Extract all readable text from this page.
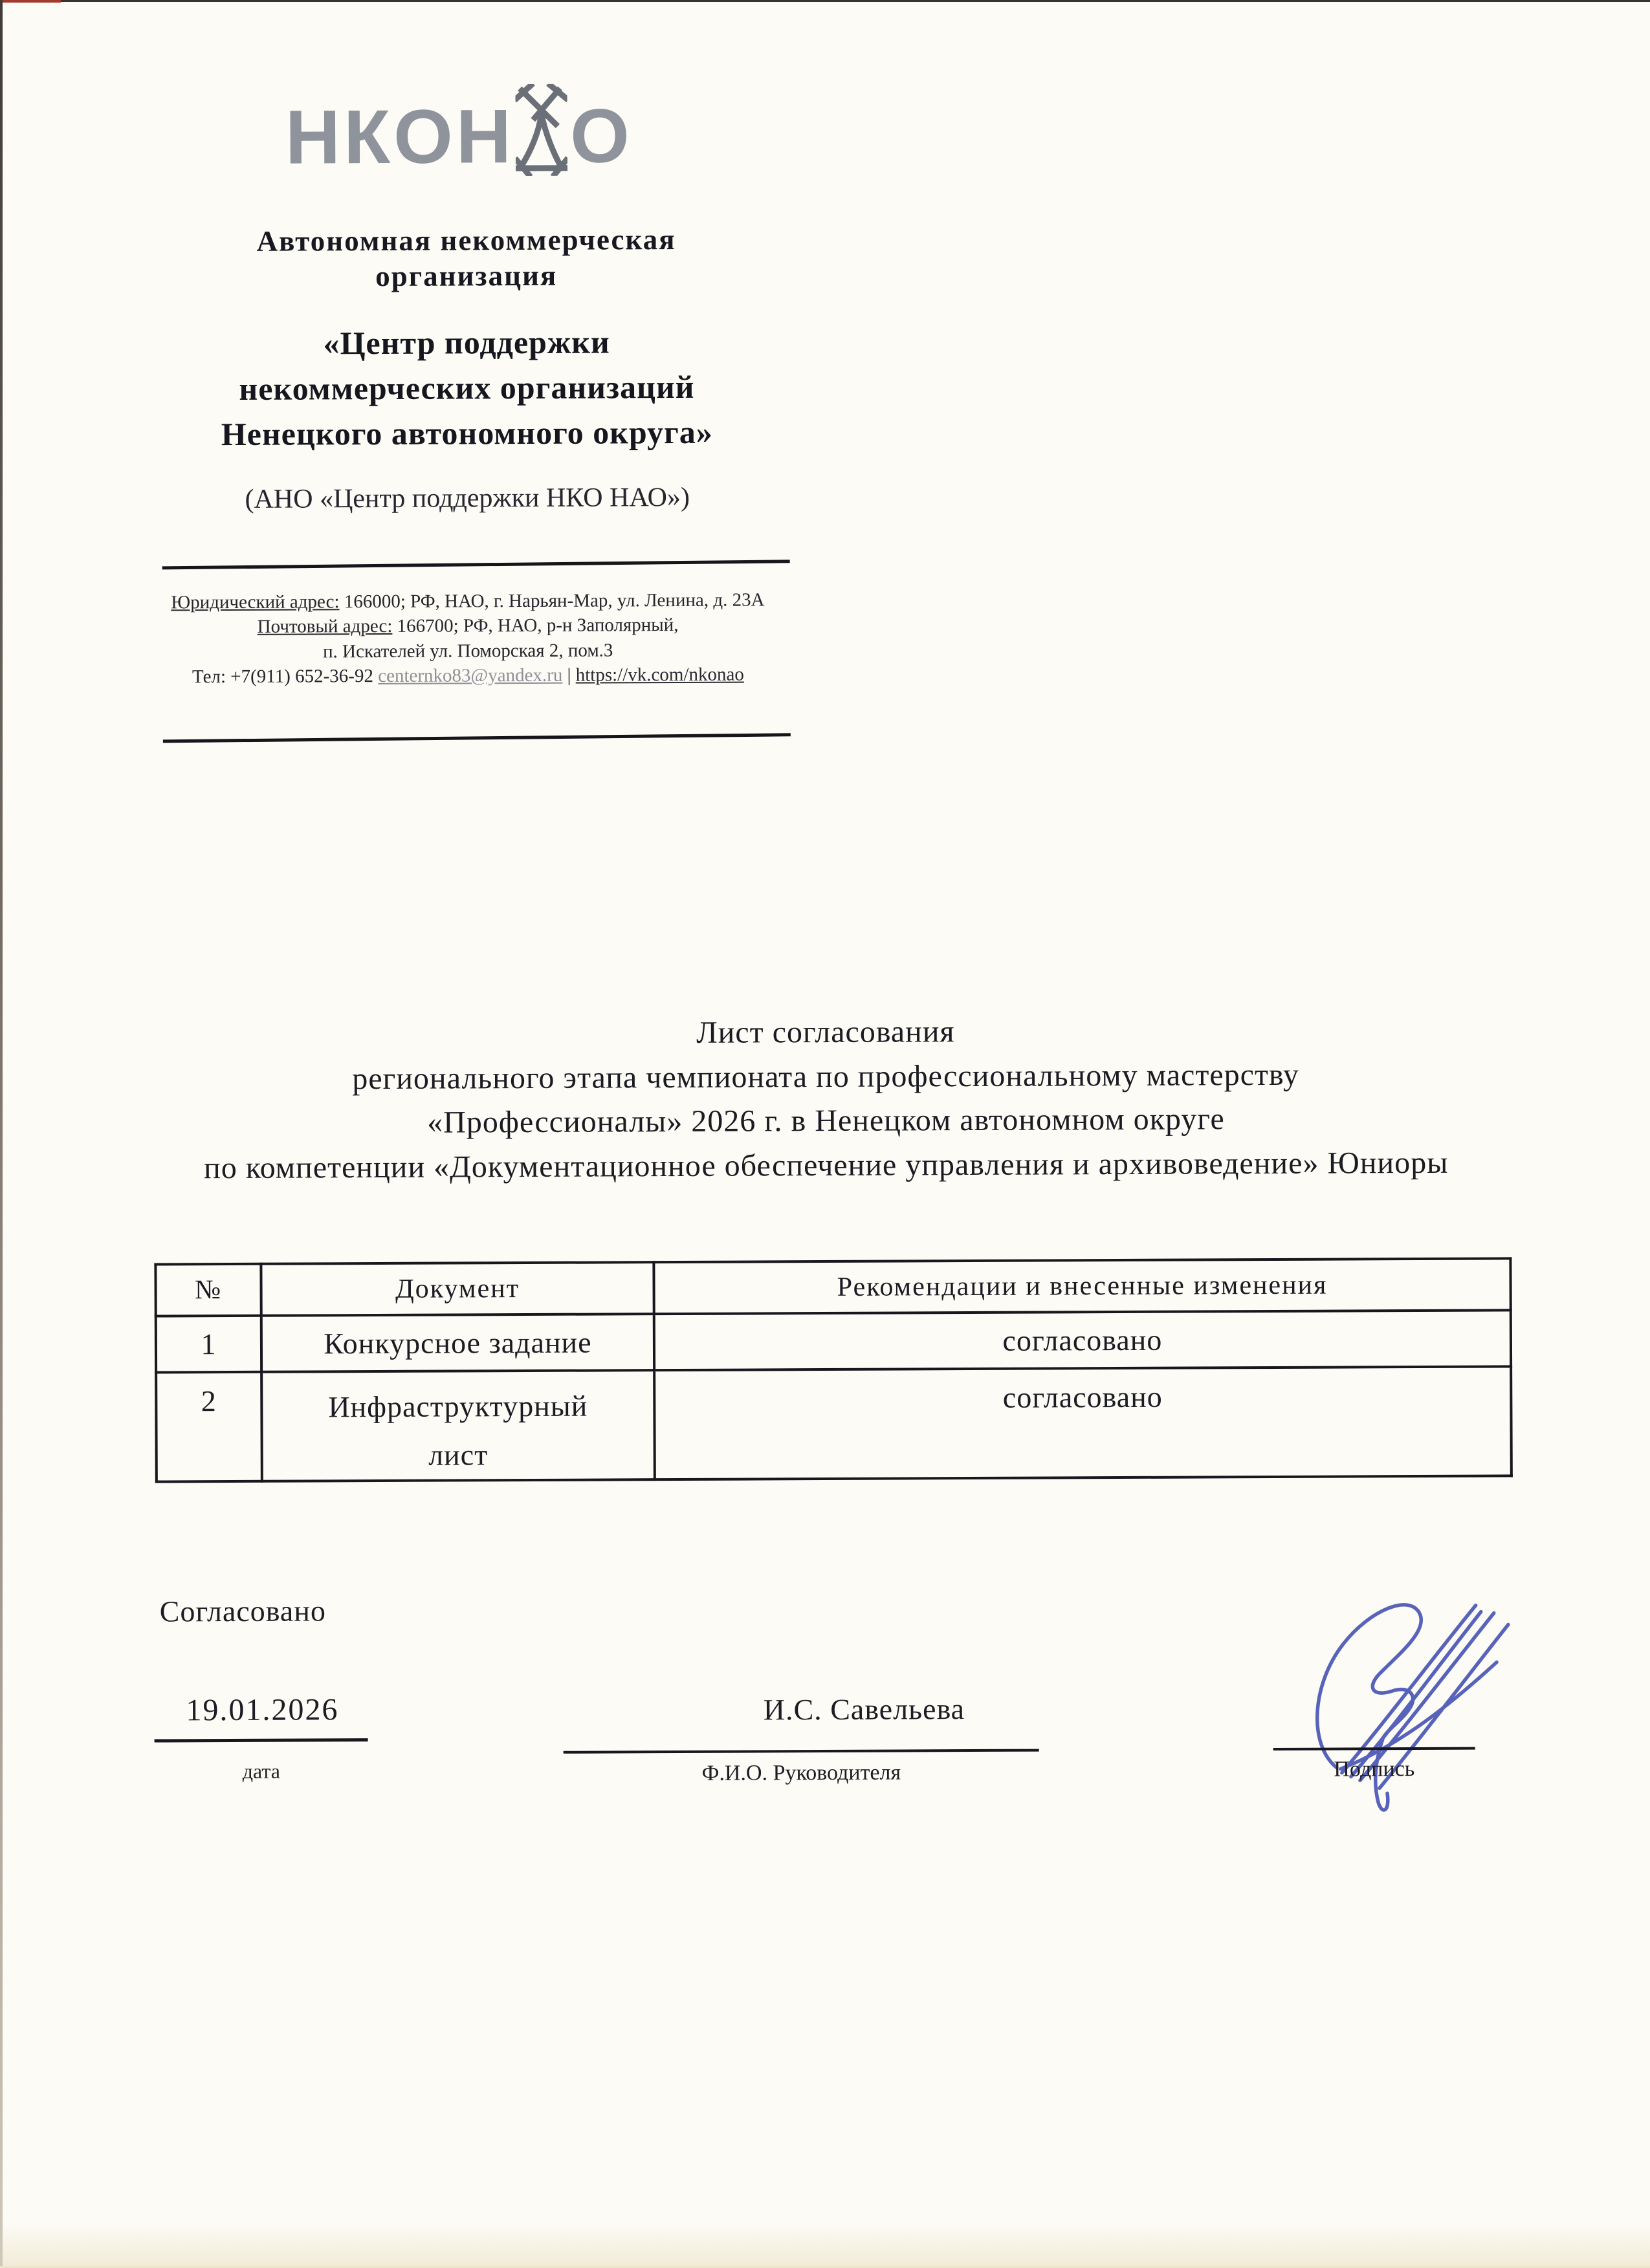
НКОН О
Автономная некоммерческая
организация
«Центр поддержки
некоммерческих организаций
Ненецкого автономного округа»
(АНО «Центр поддержки НКО НАО»)
Юридический адрес: 166000; РФ, НАО, г. Нарьян-Мар, ул. Ленина, д. 23А
Почтовый адрес: 166700; РФ, НАО, р-н Заполярный,
п. Искателей ул. Поморская 2, пом.3
Тел: +7(911) 652-36-92 centernko83@yandex.ru | https://vk.com/nkonao
Лист согласования
регионального этапа чемпионата по профессиональному мастерству
«Профессионалы» 2026 г. в Ненецком автономном округе
по компетенции «Документационное обеспечение управления и архивоведение» Юниоры
№	Документ	Рекомендации и внесенные изменения
1	Конкурсное задание	согласовано
2	Инфраструктурный
лист	согласовано
Согласовано
19.01.2026
дата
И.С. Савельева
Ф.И.О. Руководителя	Подпись
